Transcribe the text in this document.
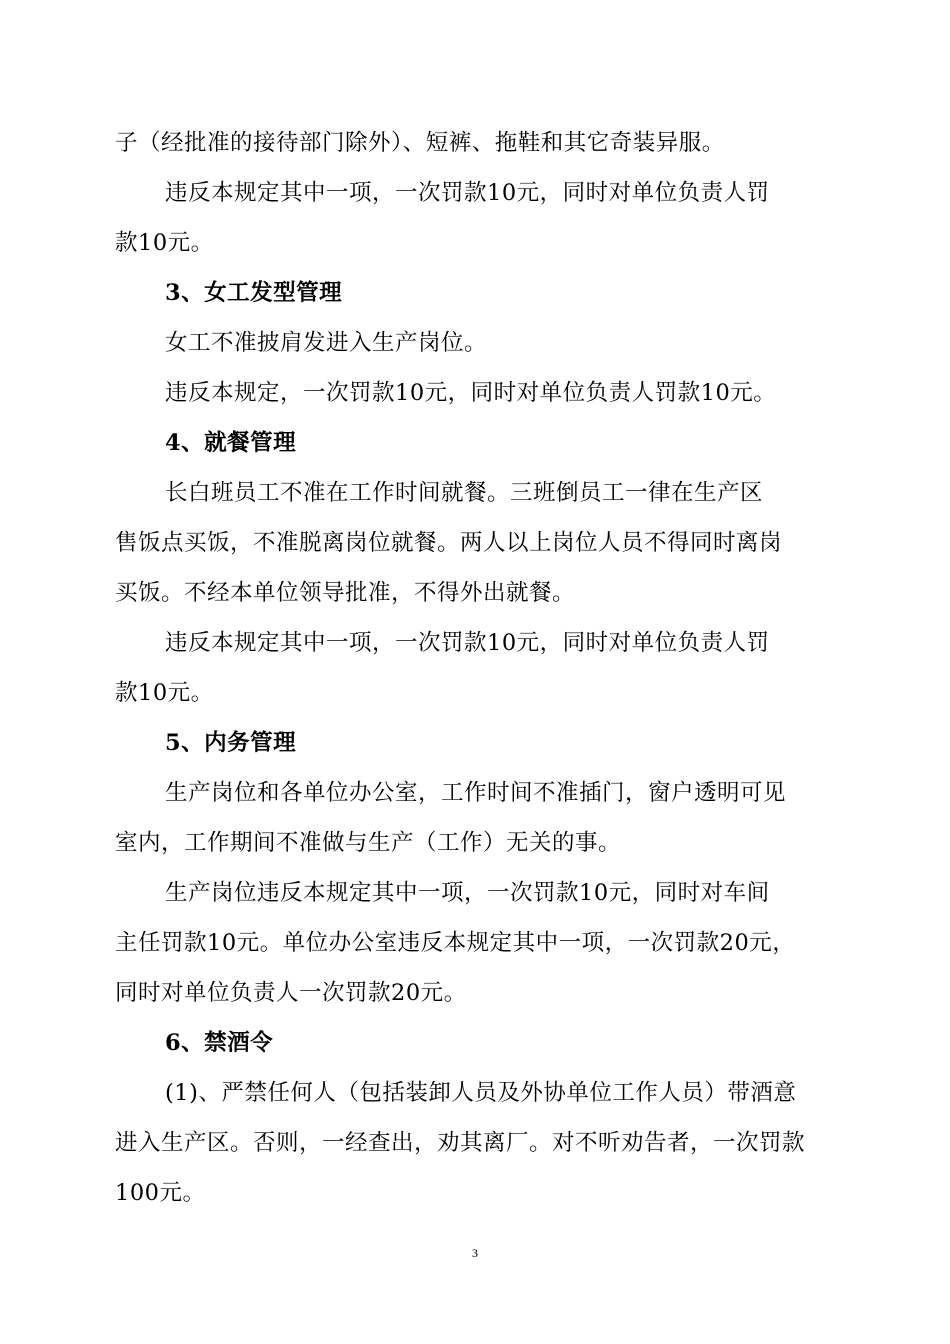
子（经批准的接待部门除外）、短裤、拖鞋和其它奇装异服。
违反本规定其中一项，一次罚款10元，同时对单位负责人罚
款10元。
3、女工发型管理
女工不准披肩发进入生产岗位。
违反本规定，一次罚款10元，同时对单位负责人罚款10元。
4、就餐管理
长白班员工不准在工作时间就餐。三班倒员工一律在生产区
售饭点买饭，不准脱离岗位就餐。两人以上岗位人员不得同时离岗
买饭。不经本单位领导批准，不得外出就餐。
违反本规定其中一项，一次罚款10元，同时对单位负责人罚
款10元。
5、内务管理
生产岗位和各单位办公室，工作时间不准插门，窗户透明可见
室内，工作期间不准做与生产（工作）无关的事。
生产岗位违反本规定其中一项，一次罚款10元，同时对车间
主任罚款10元。单位办公室违反本规定其中一项，一次罚款20元，
同时对单位负责人一次罚款20元。
6、禁酒令
(1)、严禁任何人（包括装卸人员及外协单位工作人员）带酒意
进入生产区。否则，一经查出，劝其离厂。对不听劝告者，一次罚款
100元。
3
